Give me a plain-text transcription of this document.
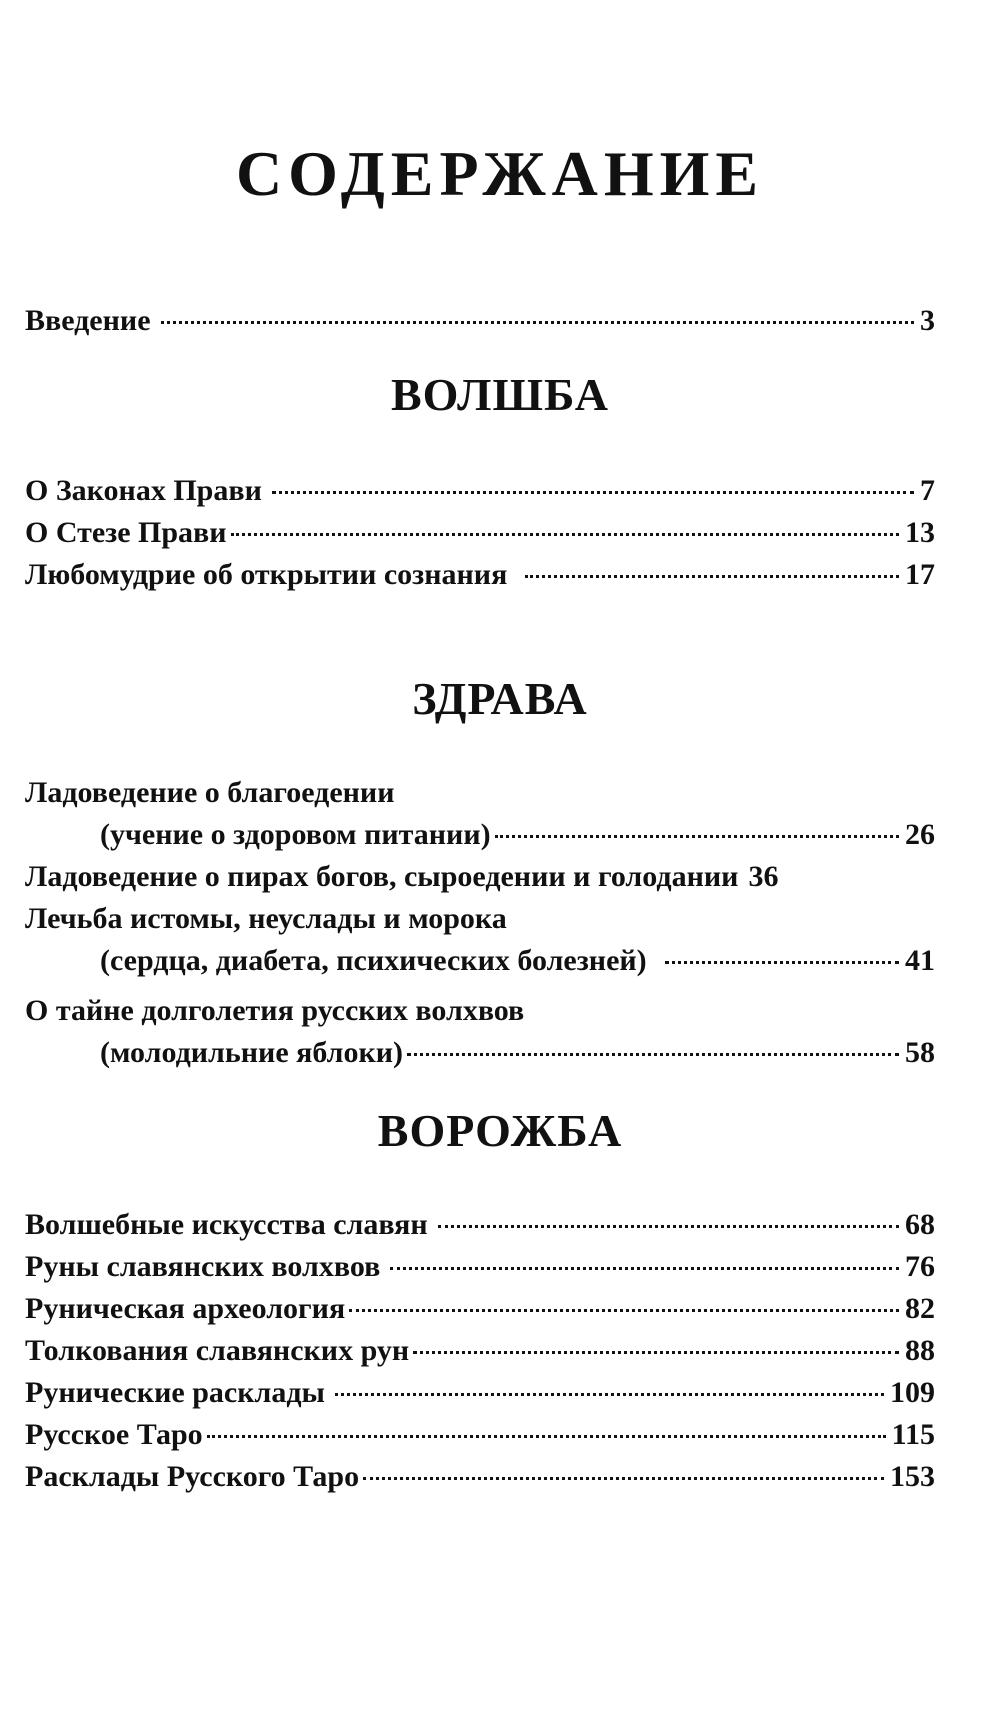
СОДЕРЖАНИЕ
Введение	3
ВОЛШБА
О Законах Прави	7
О Стезе Прави	13
Любомудрие об открытии сознания	17
ЗДРАВА
Ладоведение о благоедении
(учение о здоровом питании)	26
Ладоведение о пирах богов, сыроедении и голодании 36
Лечьба истомы, неуслады и морока
(сердца, диабета, психических болезней)	41
О тайне долголетия русских волхвов
(молодильние яблоки)	58
ВОРОЖБА
Волшебные искусства славян	68
Руны славянских волхвов	76
Руническая археология	82
Толкования славянских рун	88
Рунические расклады	109
Русское Таро	115
Расклады Русского Таро	153
